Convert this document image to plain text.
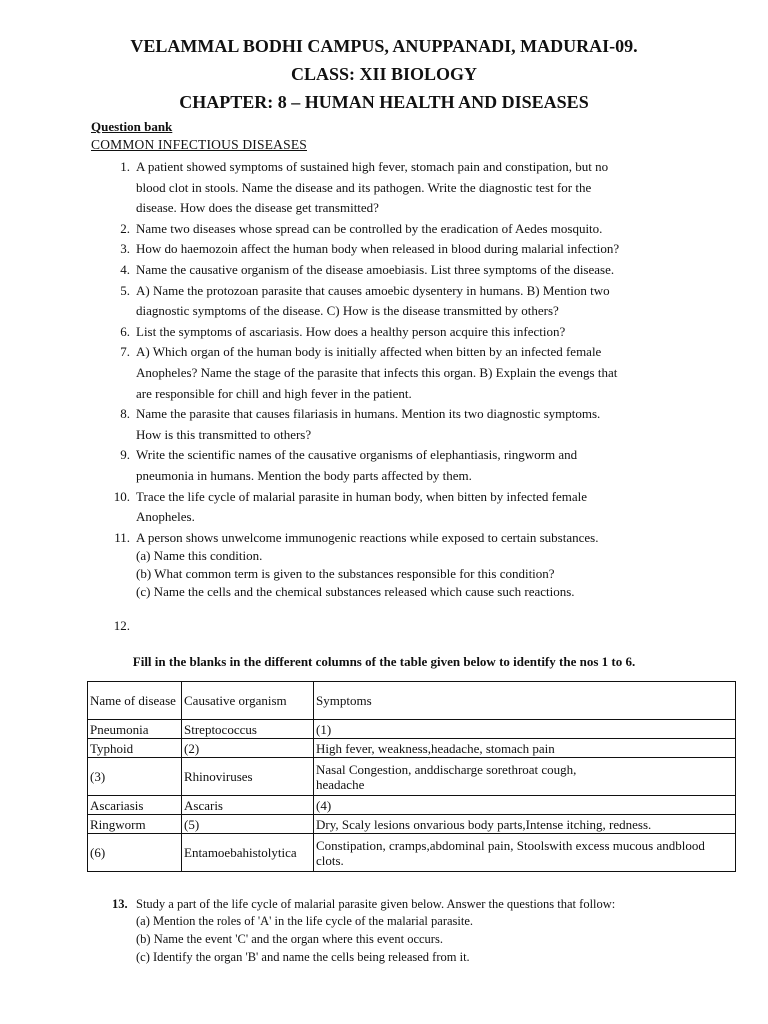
VELAMMAL BODHI CAMPUS, ANUPPANADI, MADURAI-09.
CLASS: XII BIOLOGY
CHAPTER: 8 – HUMAN HEALTH AND DISEASES
Question bank
COMMON INFECTIOUS DISEASES
1. A patient showed symptoms of sustained high fever, stomach pain and constipation, but no
blood clot in stools. Name the disease and its pathogen. Write the diagnostic test for the
disease. How does the disease get transmitted?
2. Name two diseases whose spread can be controlled by the eradication of Aedes mosquito.
3. How do haemozoin affect the human body when released in blood during malarial infection?
4. Name the causative organism of the disease amoebiasis. List three symptoms of the disease.
5. A) Name the protozoan parasite that causes amoebic dysentery in humans. B) Mention two
diagnostic symptoms of the disease. C) How is the disease transmitted by others?
6. List the symptoms of ascariasis. How does a healthy person acquire this infection?
7. A) Which organ of the human body is initially affected when bitten by an infected female
Anopheles? Name the stage of the parasite that infects this organ. B) Explain the evengs that
are responsible for chill and high fever in the patient.
8. Name the parasite that causes filariasis in humans. Mention its two diagnostic symptoms.
How is this transmitted to others?
9. Write the scientific names of the causative organisms of elephantiasis, ringworm and
pneumonia in humans. Mention the body parts affected by them.
10. Trace the life cycle of malarial parasite in human body, when bitten by infected female
Anopheles.
11. A person shows unwelcome immunogenic reactions while exposed to certain substances.
(a) Name this condition.
(b) What common term is given to the substances responsible for this condition?
(c) Name the cells and the chemical substances released which cause such reactions.
12.
Fill in the blanks in the different columns of the table given below to identify the nos 1 to 6.
Name of disease	Causative organism	Symptoms
Pneumonia	Streptococcus	(1)
Typhoid	(2)	High fever, weakness,headache, stomach pain
(3)	Rhinoviruses	Nasal Congestion, anddischarge sorethroat cough, headache
Ascariasis	Ascaris	(4)
Ringworm	(5)	Dry, Scaly lesions onvarious body parts,Intense itching, redness.
(6)	Entamoebahistolytica	Constipation, cramps,abdominal pain, Stoolswith excess mucous andblood clots.
13. Study a part of the life cycle of malarial parasite given below. Answer the questions that follow:
(a) Mention the roles of 'A' in the life cycle of the malarial parasite.
(b) Name the event 'C' and the organ where this event occurs.
(c) Identify the organ 'B' and name the cells being released from it.
